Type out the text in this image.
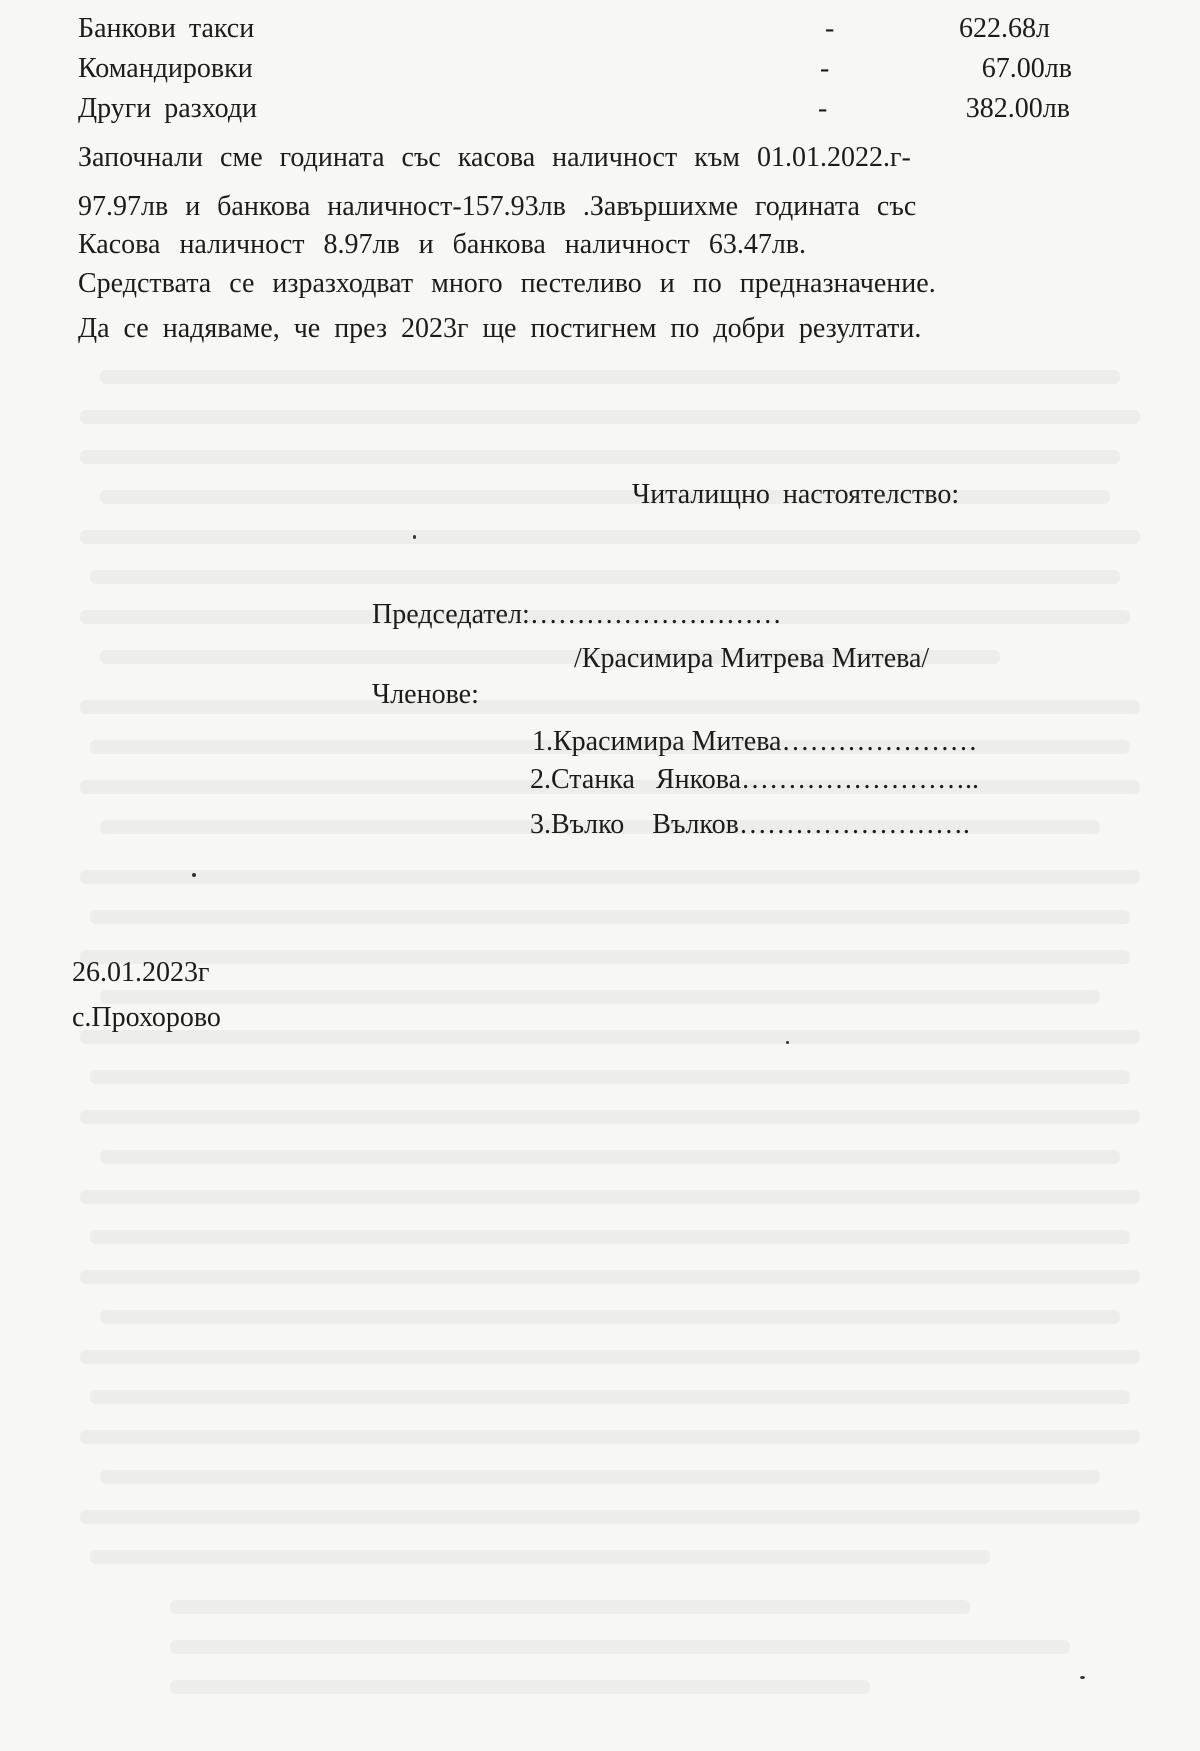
Банкови такси	-	622.68л
Командировки	-	67.00лв
Други разходи	-	382.00лв
Започнали сме годината със касова наличност към 01.01.2022.г-
97.97лв и банкова наличност-157.93лв .Завършихме годината със
Касова наличност 8.97лв и банкова наличност 63.47лв.
Средствата се изразходват много пестеливо и по предназначение.
Да се надяваме, че през 2023г ще постигнем по добри резултати.
Читалищно настоятелство:
Председател:………………………
/Красимира Митрева Митева/
Членове:
1.Красимира Митева…………………
2.Станка   Янкова……………………..
3.Вълко    Вълков…………………….
26.01.2023г
с.Прохорово
